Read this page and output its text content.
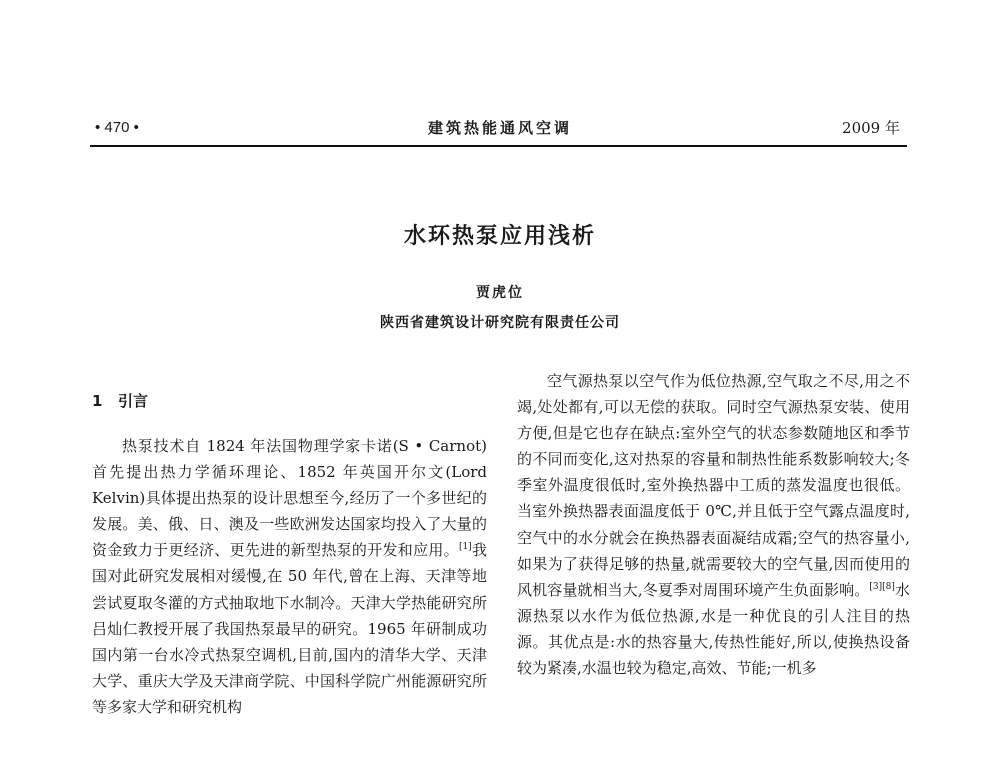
• 470 •	建筑热能通风空调	2009 年
水环热泵应用浅析
贾虎位
陕西省建筑设计研究院有限责任公司
1 引言

热泵技术自 1824 年法国物理学家卡诺(S • Carnot)首先提出热力学循环理论、1852 年英国开尔文(Lord Kelvin)具体提出热泵的设计思想至今,经历了一个多世纪的发展。美、俄、日、澳及一些欧洲发达国家均投入了大量的资金致力于更经济、更先进的新型热泵的开发和应用。[1]我国对此研究发展相对缓慢,在 50 年代,曾在上海、天津等地尝试夏取冬灌的方式抽取地下水制冷。天津大学热能研究所吕灿仁教授开展了我国热泵最早的研究。1965 年研制成功国内第一台水冷式热泵空调机,目前,国内的清华大学、天津大学、重庆大学及天津商学院、中国科学院广州能源研究所等多家大学和研究机构

空气源热泵以空气作为低位热源,空气取之不尽,用之不竭,处处都有,可以无偿的获取。同时空气源热泵安装、使用方便,但是它也存在缺点:室外空气的状态参数随地区和季节的不同而变化,这对热泵的容量和制热性能系数影响较大;冬季室外温度很低时,室外换热器中工质的蒸发温度也很低。当室外换热器表面温度低于 0℃,并且低于空气露点温度时,空气中的水分就会在换热器表面凝结成霜;空气的热容量小,如果为了获得足够的热量,就需要较大的空气量,因而使用的风机容量就相当大,冬夏季对周围环境产生负面影响。[3][8]水源热泵以水作为低位热源,水是一种优良的引人注目的热源。其优点是:水的热容量大,传热性能好,所以,使换热设备较为紧凑,水温也较为稳定,高效、节能;一机多
